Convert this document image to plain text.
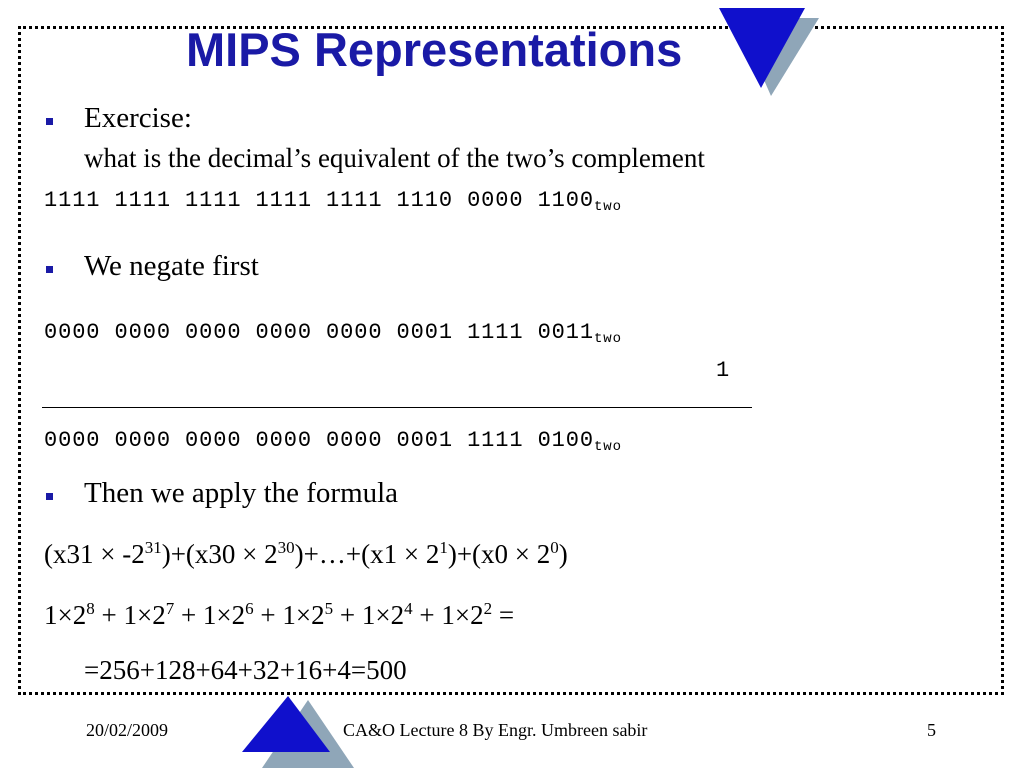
MIPS Representations
Exercise:
what is the decimal’s equivalent of the two’s complement
1111 1111 1111 1111 1111 1110 0000 $1100_{two}$
We negate first
0000 0000 0000 0000 0000 0001 1111 $0011_{two}$
1
0000 0000 0000 0000 0000 0001 1111 $0100_{two}$
Then we apply the formula
$(x31 \times -2^{31})+(x30$ × $2^{30})+\dots+(x1 \times 2^1)+(x0 \times 2^0)$
$1\times 2^8 + 1\times 2^7 + 1\times 2^6 + 1\times 2^5 + 1\times 2^4 + 1\times 2^2$ =
=256+128+64+32+16+4=500
20/02/2009	CA&O Lecture 8 By Engr. Umbreen sabir	5
